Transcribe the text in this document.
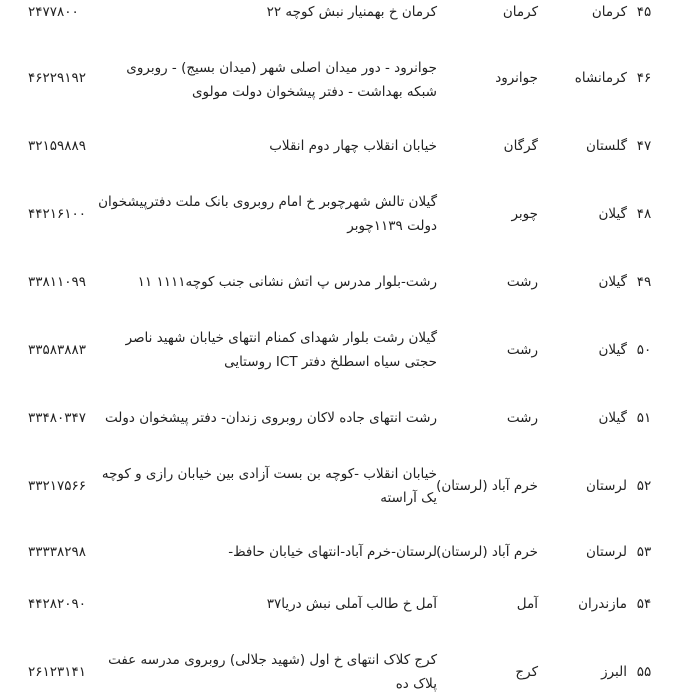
۴۵
کرمان
کرمان
کرمان خ بهمنیار نبش کوچه ۲۲
۲۴۷۷۸۰۰
۴۶
کرمانشاه
جوانرود
جوانرود - دور میدان اصلی شهر (میدان بسیج) - روبروی شبکه بهداشت - دفتر پیشخوان دولت مولوی
۴۶۲۲۹۱۹۲
۴۷
گلستان
گرگان
خیابان انقلاب چهار دوم انقلاب
۳۲۱۵۹۸۸۹
۴۸
گیلان
چوبر
گیلان تالش شهرچوبر خ امام روبروی بانک ملت دفترپیشخوان دولت ۱۱۳۹چوبر
۴۴۲۱۶۱۰۰
۴۹
گیلان
رشت
رشت-بلوار مدرس پ اتش نشانی جنب کوچه۱۱۱۱ ۱۱
۳۳۸۱۱۰۹۹
۵۰
گیلان
رشت
گیلان رشت بلوار شهدای کمنام انتهای خیابان شهید ناصر حجتی سیاه اسطلخ دفتر ICT روستایی
۳۳۵۸۳۸۸۳
۵۱
گیلان
رشت
رشت انتهای جاده لاکان روبروی زندان- دفتر پیشخوان دولت
۳۳۴۸۰۳۴۷
۵۲
لرستان
خرم آباد (لرستان)
خیابان انقلاب -کوچه بن بست آزادی بین خیابان رازی و کوچه یک آراسته
۳۳۲۱۷۵۶۶
۵۳
لرستان
خرم آباد (لرستان)
لرستان-خرم آباد-انتهای خیابان حافظ-
۳۳۳۳۸۲۹۸
۵۴
مازندران
آمل
آمل خ طالب آملی نبش دریا۳۷
۴۴۲۸۲۰۹۰
۵۵
البرز
کرج
کرج کلاک انتهای خ اول (شهید جلالی) روبروی مدرسه عفت پلاک ده
۲۶۱۲۳۱۴۱
